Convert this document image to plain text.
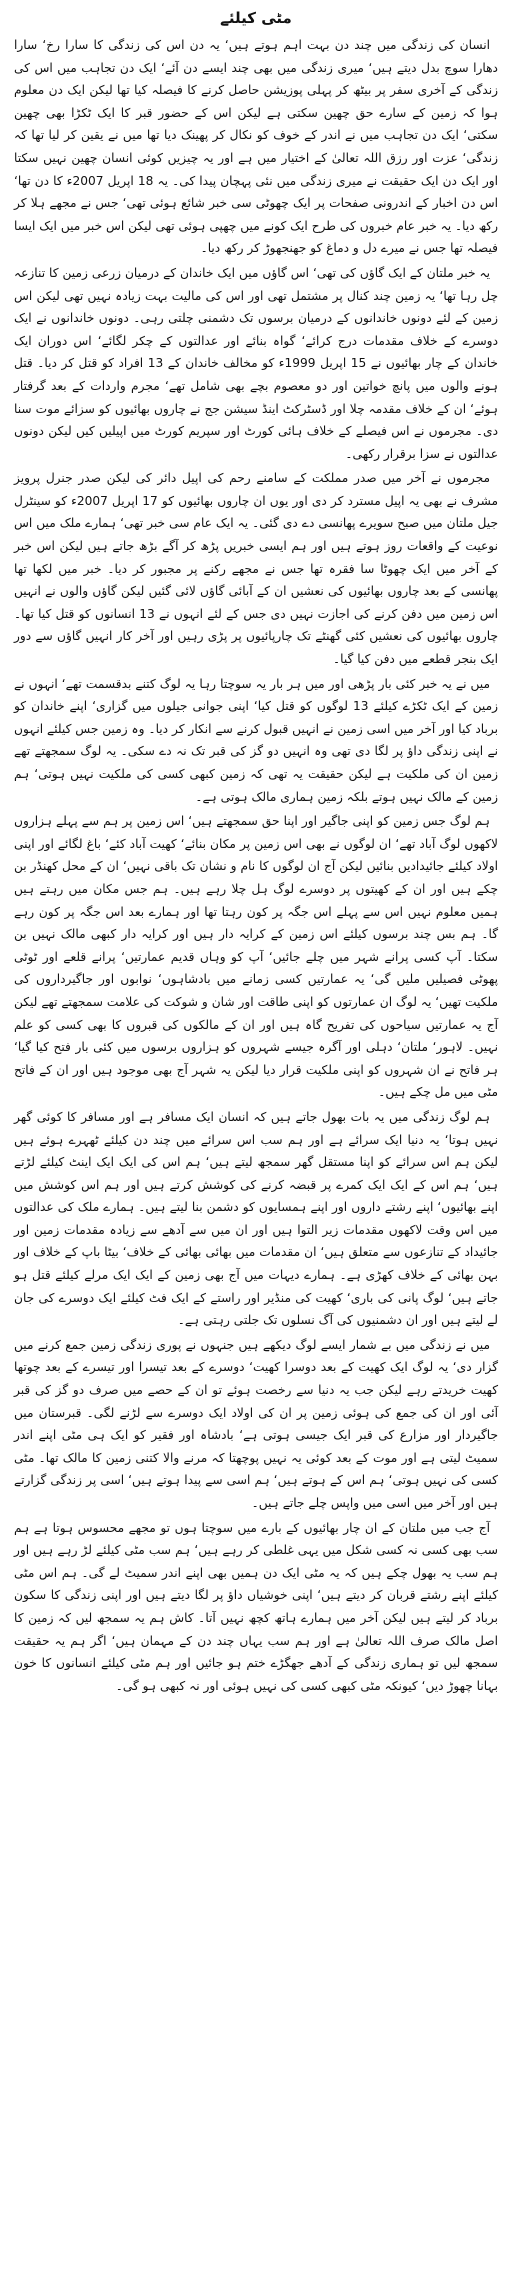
مٹی کیلئے

انسان کی زندگی میں چند دن بہت اہم ہوتے ہیں‘ یہ دن اس کی زندگی کا سارا رخ‘ سارا دھارا سوچ بدل دیتے ہیں‘ میری زندگی میں بھی چند ایسے دن آئے‘ ایک دن تجاہب میں اس کی زندگی کے آخری سفر پر بیٹھ کر پہلی پوزیشن حاصل کرنے کا فیصلہ کیا تھا لیکن ایک دن معلوم ہوا کہ زمین کے سارے حق چھین سکتی ہے لیکن اس کے حضور قبر کا ایک ٹکڑا بھی چھین سکتی‘ ایک دن تجاہب میں نے اندر کے خوف کو نکال کر پھینک دیا تھا میں نے یقین کر لیا تھا کہ زندگی‘ عزت اور رزق اللہ تعالیٰ کے اختیار میں ہے اور یہ چیزیں کوئی انسان چھین نہیں سکتا اور ایک دن ایک حقیقت نے میری زندگی میں نئی پہچان پیدا کی۔ یہ 18 اپریل 2007ء کا دن تھا‘ اس دن اخبار کے اندرونی صفحات پر ایک چھوٹی سی خبر شائع ہوئی تھی‘ جس نے مجھے ہلا کر رکھ دیا۔ یہ خبر عام خبروں کی طرح ایک کونے میں چھپی ہوئی تھی لیکن اس خبر میں ایک ایسا فیصلہ تھا جس نے میرے دل و دماغ کو جھنجھوڑ کر رکھ دیا۔

یہ خبر ملتان کے ایک گاؤں کی تھی‘ اس گاؤں میں ایک خاندان کے درمیان زرعی زمین کا تنازعہ چل رہا تھا‘ یہ زمین چند کنال پر مشتمل تھی اور اس کی مالیت بہت زیادہ نہیں تھی لیکن اس زمین کے لئے دونوں خاندانوں کے درمیان برسوں تک دشمنی چلتی رہی۔ دونوں خاندانوں نے ایک دوسرے کے خلاف مقدمات درج کرائے‘ گواہ بنائے اور عدالتوں کے چکر لگائے‘ اس دوران ایک خاندان کے چار بھائیوں نے 15 اپریل 1999ء کو مخالف خاندان کے 13 افراد کو قتل کر دیا۔ قتل ہونے والوں میں پانچ خواتین اور دو معصوم بچے بھی شامل تھے‘ مجرم واردات کے بعد گرفتار ہوئے‘ ان کے خلاف مقدمہ چلا اور ڈسٹرکٹ اینڈ سیشن جج نے چاروں بھائیوں کو سزائے موت سنا دی۔ مجرموں نے اس فیصلے کے خلاف ہائی کورٹ اور سپریم کورٹ میں اپیلیں کیں لیکن دونوں عدالتوں نے سزا برقرار رکھی۔

مجرموں نے آخر میں صدر مملکت کے سامنے رحم کی اپیل دائر کی لیکن صدر جنرل پرویز مشرف نے بھی یہ اپیل مسترد کر دی اور یوں ان چاروں بھائیوں کو 17 اپریل 2007ء کو سینٹرل جیل ملتان میں صبح سویرے پھانسی دے دی گئی۔ یہ ایک عام سی خبر تھی‘ ہمارے ملک میں اس نوعیت کے واقعات روز ہوتے ہیں اور ہم ایسی خبریں پڑھ کر آگے بڑھ جاتے ہیں لیکن اس خبر کے آخر میں ایک چھوٹا سا فقرہ تھا جس نے مجھے رکنے پر مجبور کر دیا۔ خبر میں لکھا تھا پھانسی کے بعد چاروں بھائیوں کی نعشیں ان کے آبائی گاؤں لائی گئیں لیکن گاؤں والوں نے انہیں اس زمین میں دفن کرنے کی اجازت نہیں دی جس کے لئے انہوں نے 13 انسانوں کو قتل کیا تھا۔ چاروں بھائیوں کی نعشیں کئی گھنٹے تک چارپائیوں پر پڑی رہیں اور آخر کار انہیں گاؤں سے دور ایک بنجر قطعے میں دفن کیا گیا۔

میں نے یہ خبر کئی بار پڑھی اور میں ہر بار یہ سوچتا رہا یہ لوگ کتنے بدقسمت تھے‘ انہوں نے زمین کے ایک ٹکڑے کیلئے 13 لوگوں کو قتل کیا‘ اپنی جوانی جیلوں میں گزاری‘ اپنے خاندان کو برباد کیا اور آخر میں اسی زمین نے انہیں قبول کرنے سے انکار کر دیا۔ وہ زمین جس کیلئے انہوں نے اپنی زندگی داؤ پر لگا دی تھی وہ انہیں دو گز کی قبر تک نہ دے سکی۔ یہ لوگ سمجھتے تھے زمین ان کی ملکیت ہے لیکن حقیقت یہ تھی کہ زمین کبھی کسی کی ملکیت نہیں ہوتی‘ ہم زمین کے مالک نہیں ہوتے بلکہ زمین ہماری مالک ہوتی ہے۔

ہم لوگ جس زمین کو اپنی جاگیر اور اپنا حق سمجھتے ہیں‘ اس زمین پر ہم سے پہلے ہزاروں لاکھوں لوگ آباد تھے‘ ان لوگوں نے بھی اس زمین پر مکان بنائے‘ کھیت آباد کئے‘ باغ لگائے اور اپنی اولاد کیلئے جائیدادیں بنائیں لیکن آج ان لوگوں کا نام و نشان تک باقی نہیں‘ ان کے محل کھنڈر بن چکے ہیں اور ان کے کھیتوں پر دوسرے لوگ ہل چلا رہے ہیں۔ ہم جس مکان میں رہتے ہیں ہمیں معلوم نہیں اس سے پہلے اس جگہ پر کون رہتا تھا اور ہمارے بعد اس جگہ پر کون رہے گا۔ ہم بس چند برسوں کیلئے اس زمین کے کرایہ دار ہیں اور کرایہ دار کبھی مالک نہیں بن سکتا۔ آپ کسی پرانے شہر میں چلے جائیں‘ آپ کو وہاں قدیم عمارتیں‘ پرانے قلعے اور ٹوٹی پھوٹی فصیلیں ملیں گی‘ یہ عمارتیں کسی زمانے میں بادشاہوں‘ نوابوں اور جاگیرداروں کی ملکیت تھیں‘ یہ لوگ ان عمارتوں کو اپنی طاقت اور شان و شوکت کی علامت سمجھتے تھے لیکن آج یہ عمارتیں سیاحوں کی تفریح گاہ ہیں اور ان کے مالکوں کی قبروں کا بھی کسی کو علم نہیں۔ لاہور‘ ملتان‘ دہلی اور آگرہ جیسے شہروں کو ہزاروں برسوں میں کئی بار فتح کیا گیا‘ ہر فاتح نے ان شہروں کو اپنی ملکیت قرار دیا لیکن یہ شہر آج بھی موجود ہیں اور ان کے فاتح مٹی میں مل چکے ہیں۔

ہم لوگ زندگی میں یہ بات بھول جاتے ہیں کہ انسان ایک مسافر ہے اور مسافر کا کوئی گھر نہیں ہوتا‘ یہ دنیا ایک سرائے ہے اور ہم سب اس سرائے میں چند دن کیلئے ٹھہرے ہوئے ہیں لیکن ہم اس سرائے کو اپنا مستقل گھر سمجھ لیتے ہیں‘ ہم اس کی ایک ایک اینٹ کیلئے لڑتے ہیں‘ ہم اس کے ایک ایک کمرے پر قبضہ کرنے کی کوشش کرتے ہیں اور ہم اس کوشش میں اپنے بھائیوں‘ اپنے رشتے داروں اور اپنے ہمسایوں کو دشمن بنا لیتے ہیں۔ ہمارے ملک کی عدالتوں میں اس وقت لاکھوں مقدمات زیر التوا ہیں اور ان میں سے آدھے سے زیادہ مقدمات زمین اور جائیداد کے تنازعوں سے متعلق ہیں‘ ان مقدمات میں بھائی بھائی کے خلاف‘ بیٹا باپ کے خلاف اور بہن بھائی کے خلاف کھڑی ہے۔ ہمارے دیہات میں آج بھی زمین کے ایک ایک مرلے کیلئے قتل ہو جاتے ہیں‘ لوگ پانی کی باری‘ کھیت کی منڈیر اور راستے کے ایک فٹ کیلئے ایک دوسرے کی جان لے لیتے ہیں اور ان دشمنیوں کی آگ نسلوں تک جلتی رہتی ہے۔

میں نے زندگی میں بے شمار ایسے لوگ دیکھے ہیں جنہوں نے پوری زندگی زمین جمع کرنے میں گزار دی‘ یہ لوگ ایک کھیت کے بعد دوسرا کھیت‘ دوسرے کے بعد تیسرا اور تیسرے کے بعد چوتھا کھیت خریدتے رہے لیکن جب یہ دنیا سے رخصت ہوئے تو ان کے حصے میں صرف دو گز کی قبر آئی اور ان کی جمع کی ہوئی زمین پر ان کی اولاد ایک دوسرے سے لڑنے لگی۔ قبرستان میں جاگیردار اور مزارع کی قبر ایک جیسی ہوتی ہے‘ بادشاہ اور فقیر کو ایک ہی مٹی اپنے اندر سمیٹ لیتی ہے اور موت کے بعد کوئی یہ نہیں پوچھتا کہ مرنے والا کتنی زمین کا مالک تھا۔ مٹی کسی کی نہیں ہوتی‘ ہم اس کے ہوتے ہیں‘ ہم اسی سے پیدا ہوتے ہیں‘ اسی پر زندگی گزارتے ہیں اور آخر میں اسی میں واپس چلے جاتے ہیں۔

آج جب میں ملتان کے ان چار بھائیوں کے بارے میں سوچتا ہوں تو مجھے محسوس ہوتا ہے ہم سب بھی کسی نہ کسی شکل میں یہی غلطی کر رہے ہیں‘ ہم سب مٹی کیلئے لڑ رہے ہیں اور ہم سب یہ بھول چکے ہیں کہ یہ مٹی ایک دن ہمیں بھی اپنے اندر سمیٹ لے گی۔ ہم اس مٹی کیلئے اپنے رشتے قربان کر دیتے ہیں‘ اپنی خوشیاں داؤ پر لگا دیتے ہیں اور اپنی زندگی کا سکون برباد کر لیتے ہیں لیکن آخر میں ہمارے ہاتھ کچھ نہیں آتا۔ کاش ہم یہ سمجھ لیں کہ زمین کا اصل مالک صرف اللہ تعالیٰ ہے اور ہم سب یہاں چند دن کے مہمان ہیں‘ اگر ہم یہ حقیقت سمجھ لیں تو ہماری زندگی کے آدھے جھگڑے ختم ہو جائیں اور ہم مٹی کیلئے انسانوں کا خون بہانا چھوڑ دیں‘ کیونکہ مٹی کبھی کسی کی نہیں ہوئی اور نہ کبھی ہو گی۔
